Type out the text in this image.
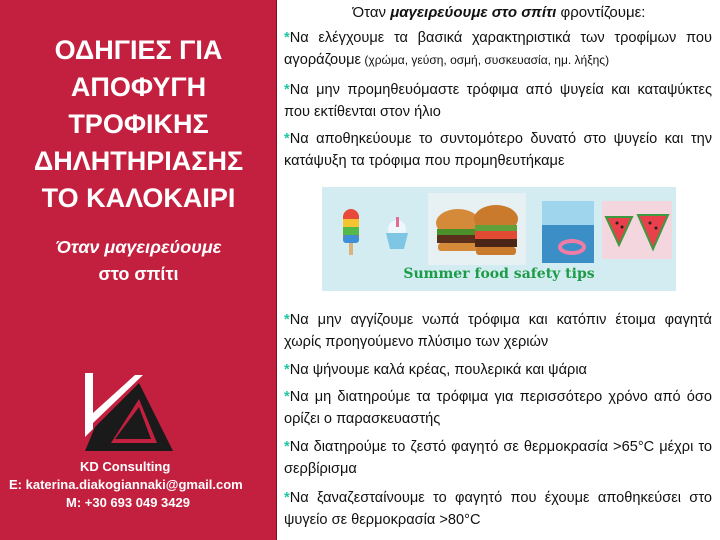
ΟΔΗΓΙΕΣ ΓΙΑ
ΑΠΟΦΥΓΗ
ΤΡΟΦΙΚΗΣ
ΔΗΛΗΤΗΡΙΑΣΗΣ
ΤΟ ΚΑΛΟΚΑΙΡΙ
Όταν μαγειρεύουμε
στο σπίτι
KD Consulting
E: katerina.diakogiannaki@gmail.com
M: +30 693 049 3429
Όταν μαγειρεύουμε στο σπίτι φροντίζουμε:
*Να ελέγχουμε τα βασικά χαρακτηριστικά των τροφίμων που αγοράζουμε (χρώμα, γεύση, οσμή, συσκευασία, ημ. λήξης)
*Να μην προμηθευόμαστε τρόφιμα από ψυγεία και καταψύκτες που εκτίθενται στον ήλιο
*Να αποθηκεύουμε το συντομότερο δυνατό στο ψυγείο και την κατάψυξη τα τρόφιμα που προμηθευτήκαμε
Summer food safety tips
*Να μην αγγίζουμε νωπά τρόφιμα και κατόπιν έτοιμα φαγητά χωρίς προηγούμενο πλύσιμο των χεριών
*Να ψήνουμε καλά κρέας, πουλερικά και ψάρια
*Να μη διατηρούμε τα τρόφιμα για περισσότερο χρόνο από όσο ορίζει ο παρασκευαστής
*Να διατηρούμε το ζεστό φαγητό σε θερμοκρασία >65°C μέχρι το σερβίρισμα
*Να ξαναζεσταίνουμε το φαγητό που έχουμε αποθηκεύσει στο ψυγείο σε θερμοκρασία >80°C
